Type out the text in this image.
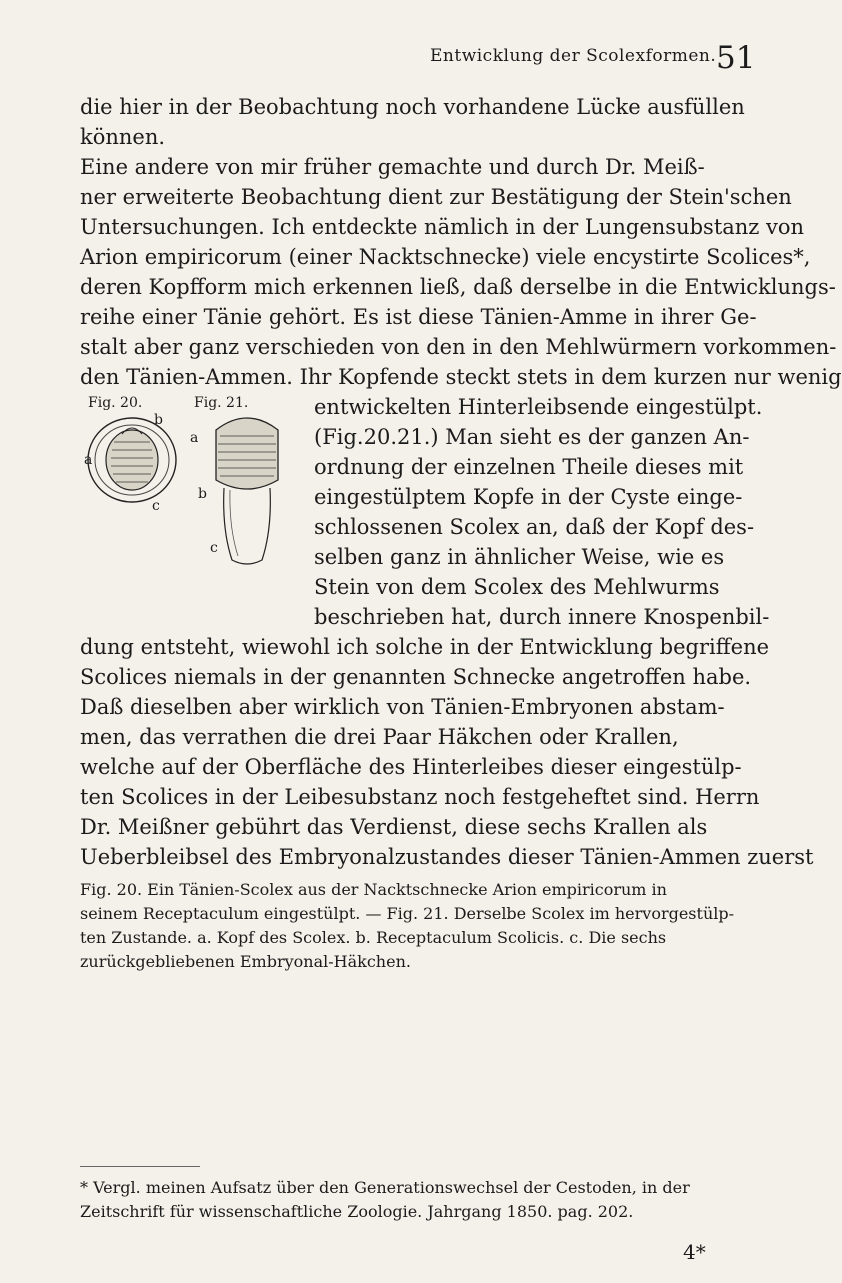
Entwicklung der Scolexformen. 51
die hier in der Beobachtung noch vorhandene Lücke ausfüllen
können.
Eine andere von mir früher gemachte und durch Dr. Meiß-
ner erweiterte Beobachtung dient zur Bestätigung der Stein'schen
Untersuchungen. Ich entdeckte nämlich in der Lungensubstanz von
Arion empiricorum (einer Nacktschnecke) viele encystirte Scolices*,
deren Kopfform mich erkennen ließ, daß derselbe in die Entwicklungs-
reihe einer Tänie gehört. Es ist diese Tänien-Amme in ihrer Ge-
stalt aber ganz verschieden von den in den Mehlwürmern vorkommen-
den Tänien-Ammen. Ihr Kopfende steckt stets in dem kurzen nur wenig
Fig. 20.	Fig. 21.
a
b
c
a
b
c
entwickelten Hinterleibsende eingestülpt.
(Fig.20.21.) Man sieht es der ganzen An-
ordnung der einzelnen Theile dieses mit
eingestülptem Kopfe in der Cyste einge-
schlossenen Scolex an, daß der Kopf des-
selben ganz in ähnlicher Weise, wie es
Stein von dem Scolex des Mehlwurms
beschrieben hat, durch innere Knospenbil-
dung entsteht, wiewohl ich solche in der Entwicklung begriffene
Scolices niemals in der genannten Schnecke angetroffen habe.
Daß dieselben aber wirklich von Tänien-Embryonen abstam-
men, das verrathen die drei Paar Häkchen oder Krallen,
welche auf der Oberfläche des Hinterleibes dieser eingestülp-
ten Scolices in der Leibesubstanz noch festgeheftet sind. Herrn
Dr. Meißner gebührt das Verdienst, diese sechs Krallen als
Ueberbleibsel des Embryonalzustandes dieser Tänien-Ammen zuerst
Fig. 20. Ein Tänien-Scolex aus der Nacktschnecke Arion empiricorum in
seinem Receptaculum eingestülpt. — Fig. 21. Derselbe Scolex im hervorgestülp-
ten Zustande. a. Kopf des Scolex. b. Receptaculum Scolicis. c. Die sechs
zurückgebliebenen Embryonal-Häkchen.
* Vergl. meinen Aufsatz über den Generationswechsel der Cestoden, in der
Zeitschrift für wissenschaftliche Zoologie. Jahrgang 1850. pag. 202.
4*
